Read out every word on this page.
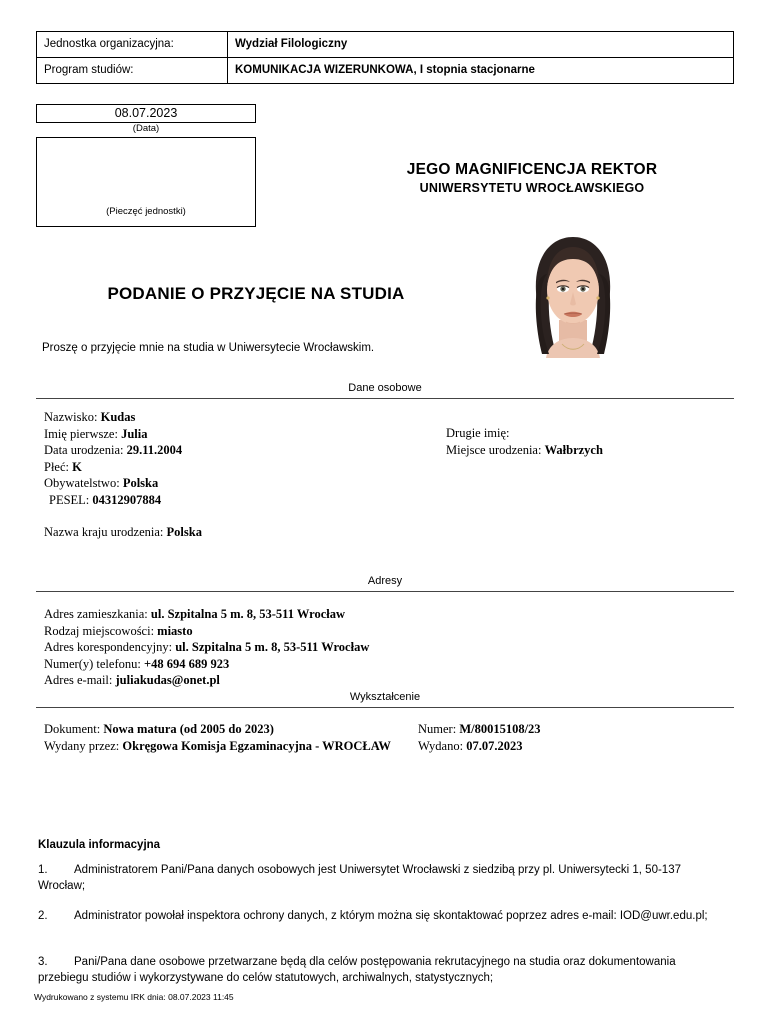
Jednostka organizacyjna:	Wydział Filologiczny
Program studiów:	KOMUNIKACJA WIZERUNKOWA, I stopnia stacjonarne
08.07.2023
(Data)
(Pieczęć jednostki)
JEGO MAGNIFICENCJA REKTOR
UNIWERSYTETU WROCŁAWSKIEGO
PODANIE O PRZYJĘCIE NA STUDIA
Proszę o przyjęcie mnie na studia w Uniwersytecie Wrocławskim.
Dane osobowe
Nazwisko: Kudas
Imię pierwsze: Julia
Data urodzenia: 29.11.2004
Płeć: K
Obywatelstwo: Polska
PESEL: 04312907884
Nazwa kraju urodzenia: Polska
Drugie imię:
Miejsce urodzenia: Wałbrzych
Adresy
Adres zamieszkania: ul. Szpitalna 5 m. 8, 53-511 Wrocław
Rodzaj miejscowości: miasto
Adres korespondencyjny: ul. Szpitalna 5 m. 8, 53-511 Wrocław
Numer(y) telefonu: +48 694 689 923
Adres e-mail: juliakudas@onet.pl
Wykształcenie
Dokument: Nowa matura (od 2005 do 2023)
Wydany przez: Okręgowa Komisja Egzaminacyjna - WROCŁAW
Numer: M/80015108/23
Wydano: 07.07.2023
Klauzula informacyjna
1. Administratorem Pani/Pana danych osobowych jest Uniwersytet Wrocławski z siedzibą przy pl. Uniwersytecki 1, 50-137 Wrocław;
2. Administrator powołał inspektora ochrony danych, z którym można się skontaktować poprzez adres e-mail: IOD@uwr.edu.pl;
3. Pani/Pana dane osobowe przetwarzane będą dla celów postępowania rekrutacyjnego na studia oraz dokumentowania przebiegu studiów i wykorzystywane do celów statutowych, archiwalnych, statystycznych;
Wydrukowano z systemu IRK dnia: 08.07.2023 11:45
